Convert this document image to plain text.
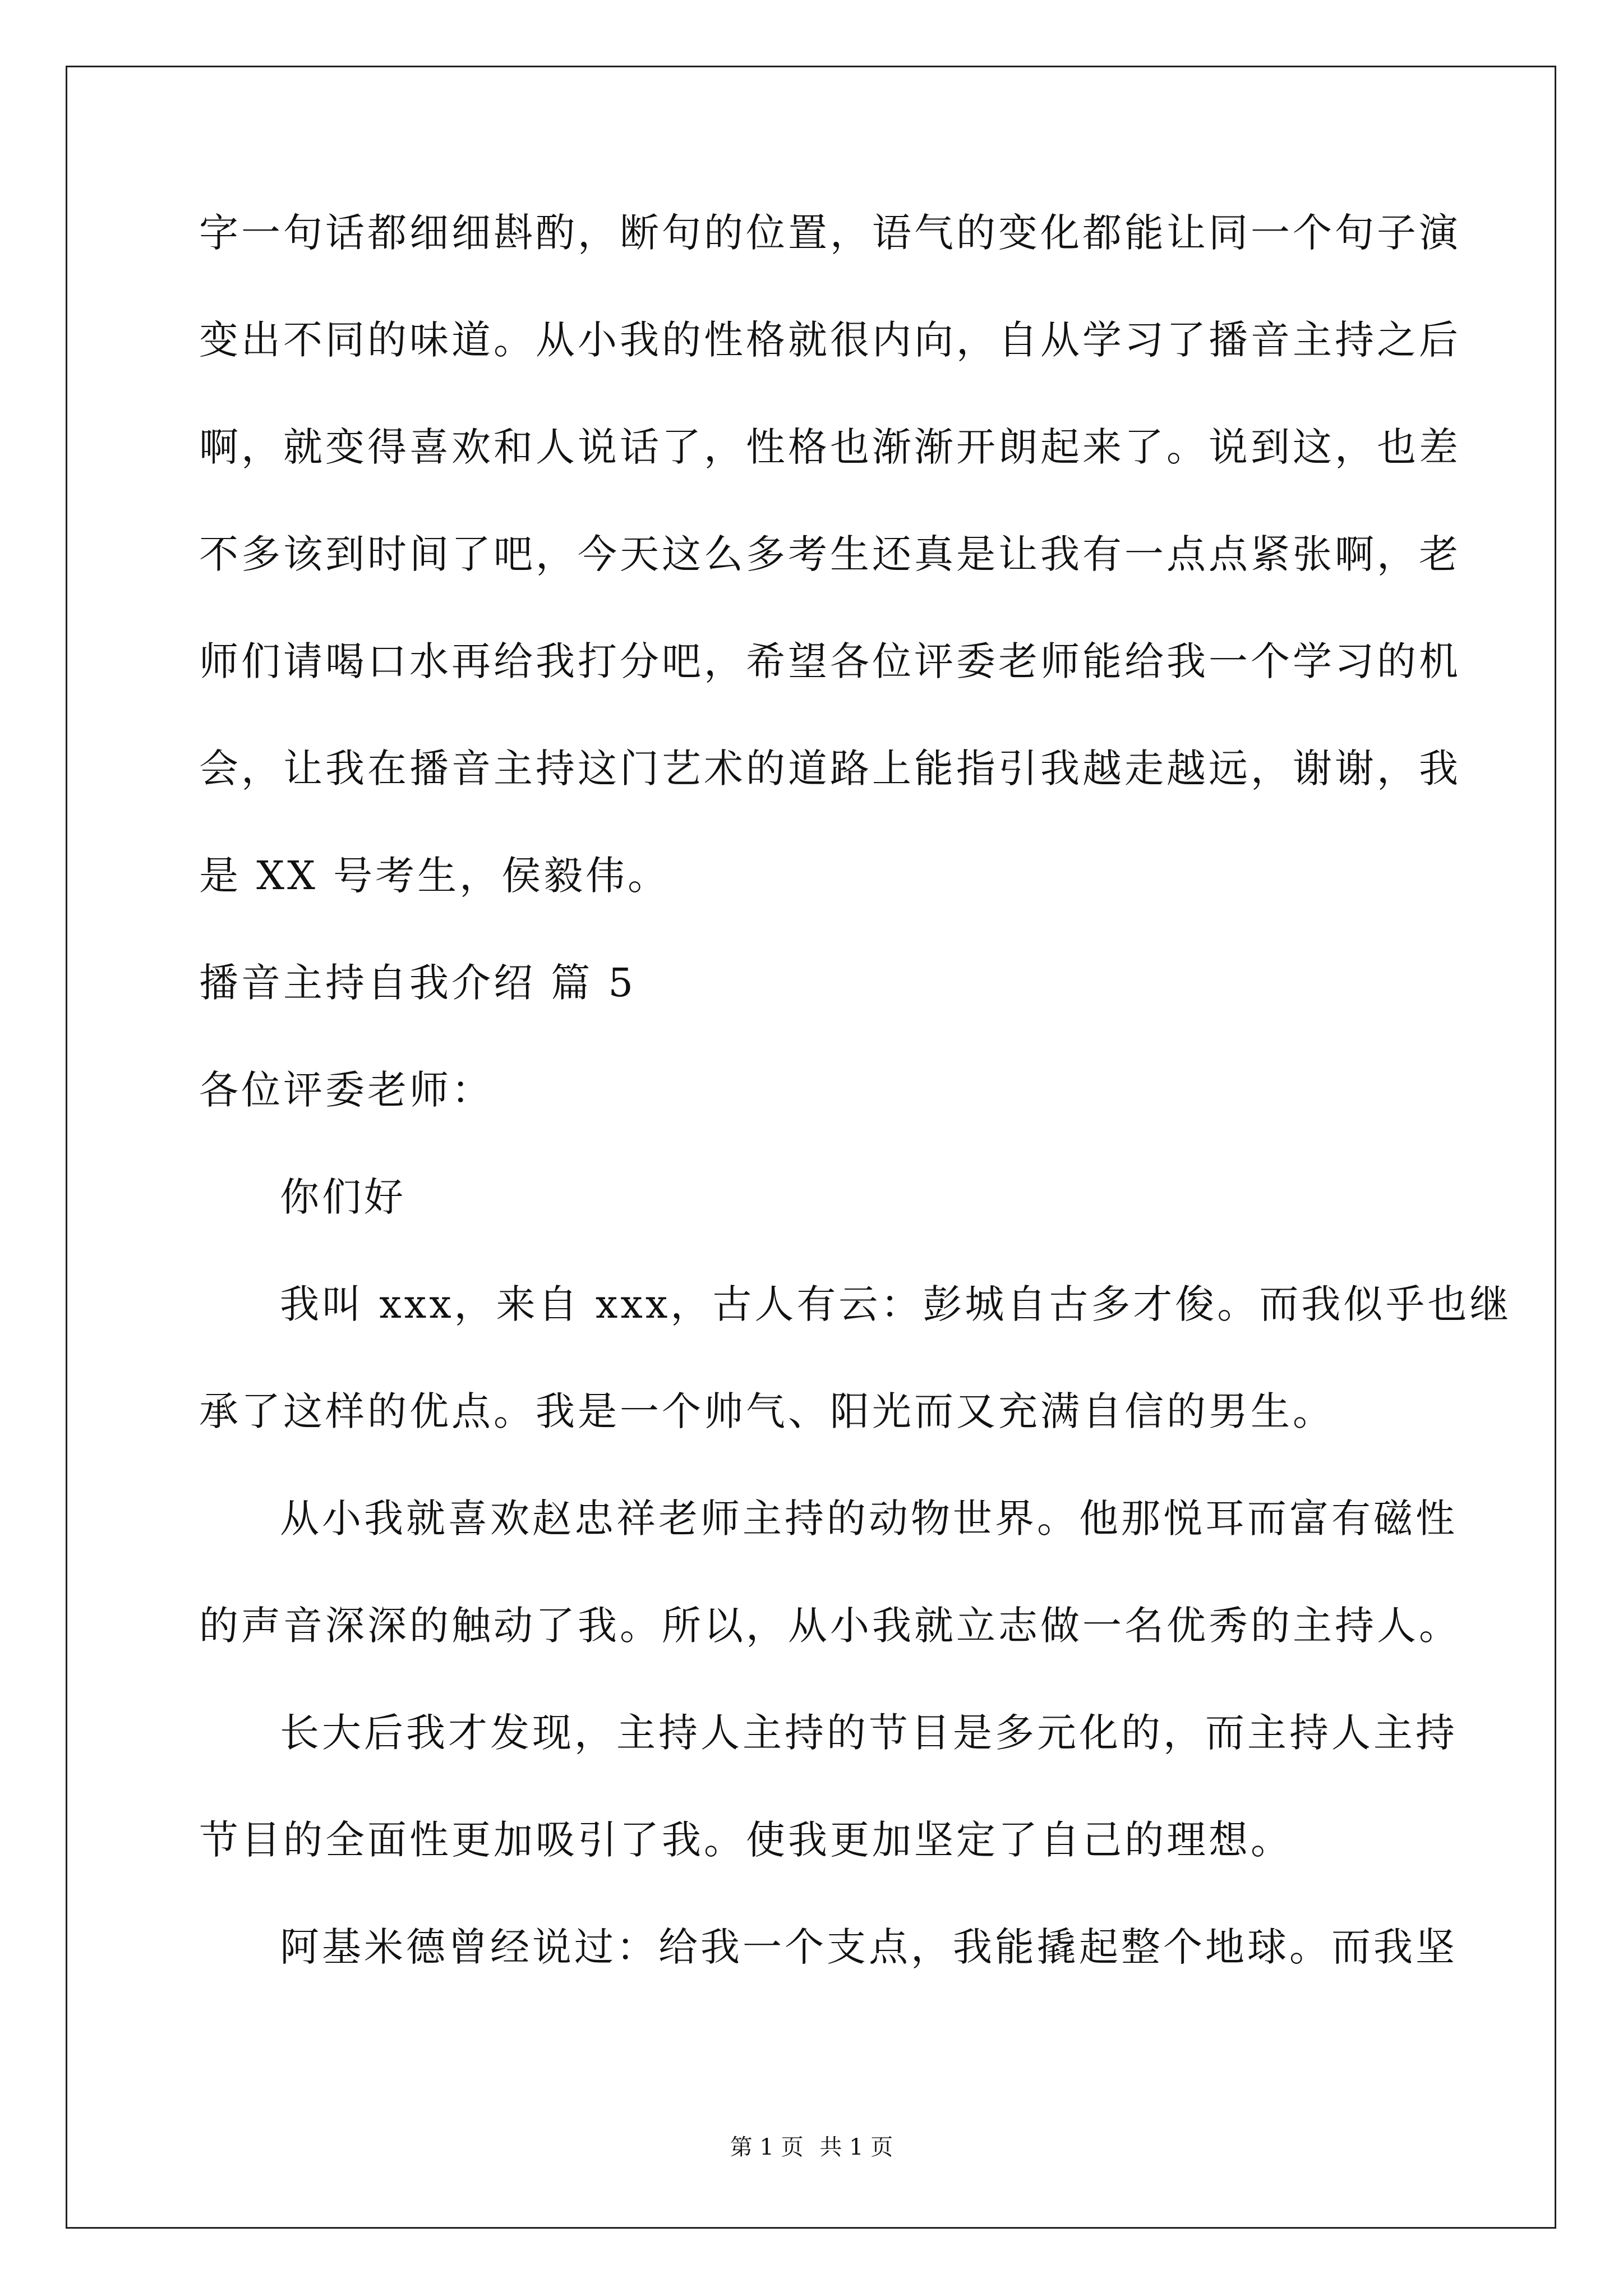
字一句话都细细斟酌，断句的位置，语气的变化都能让同一个句子演
变出不同的味道。从小我的性格就很内向，自从学习了播音主持之后
啊，就变得喜欢和人说话了，性格也渐渐开朗起来了。说到这，也差
不多该到时间了吧，今天这么多考生还真是让我有一点点紧张啊，老
师们请喝口水再给我打分吧，希望各位评委老师能给我一个学习的机
会，让我在播音主持这门艺术的道路上能指引我越走越远，谢谢，我
是 XX 号考生，侯毅伟。
播音主持自我介绍 篇 5
各位评委老师：
你们好
我叫 xxx，来自 xxx，古人有云：彭城自古多才俊。而我似乎也继
承了这样的优点。我是一个帅气、阳光而又充满自信的男生。
从小我就喜欢赵忠祥老师主持的动物世界。他那悦耳而富有磁性
的声音深深的触动了我。所以，从小我就立志做一名优秀的主持人。
长大后我才发现，主持人主持的节目是多元化的，而主持人主持
节目的全面性更加吸引了我。使我更加坚定了自己的理想。
阿基米德曾经说过：给我一个支点，我能撬起整个地球。而我坚
第 1 页 共 1 页
